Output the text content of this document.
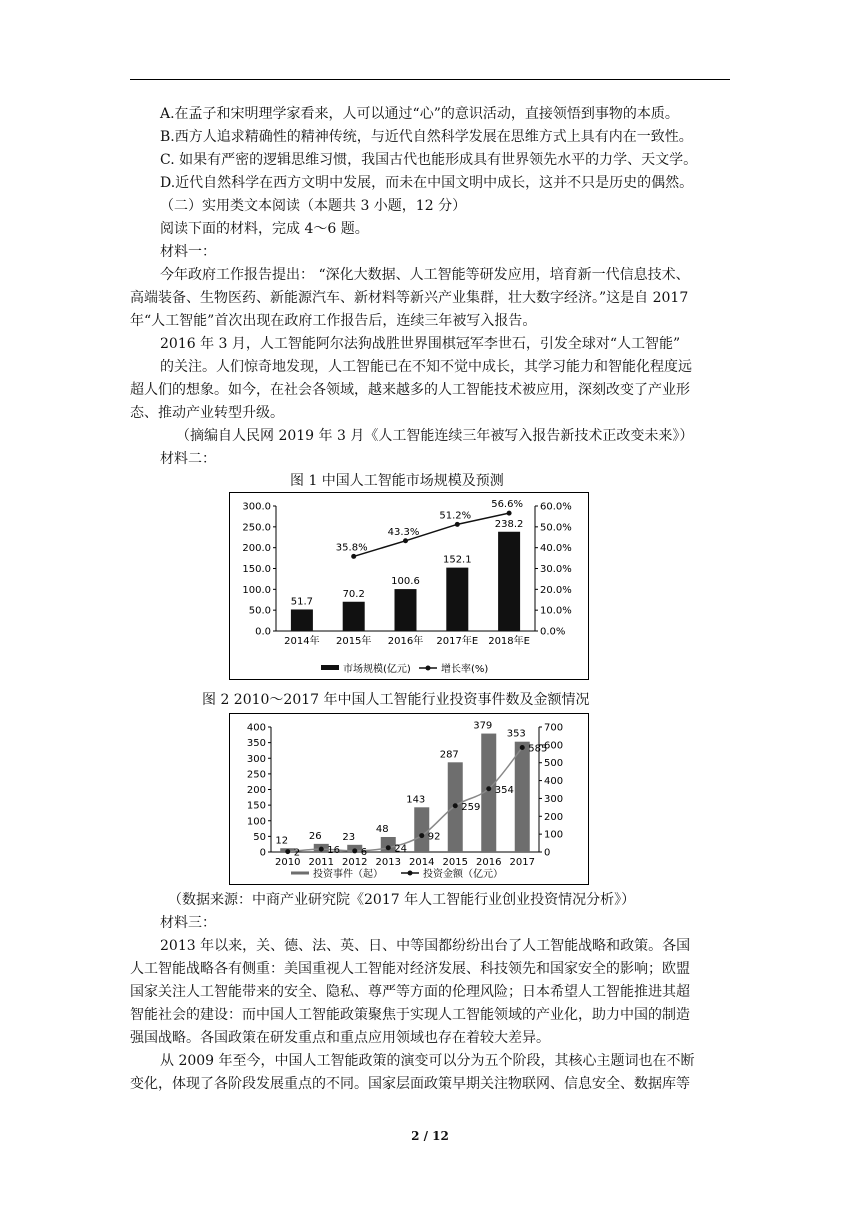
A.在孟子和宋明理学家看来，人可以通过“心”的意识活动，直接领悟到事物的本质。
B.西方人追求精确性的精神传统，与近代自然科学发展在思维方式上具有内在一致性。
C. 如果有严密的逻辑思维习惯，我国古代也能形成具有世界领先水平的力学、天文学。
D.近代自然科学在西方文明中发展，而未在中国文明中成长，这并不只是历史的偶然。
（二）实用类文本阅读（本题共 3 小题，12 分）
阅读下面的材料，完成 4～6 题。
材料一：
今年政府工作报告提出： “深化大数据、人工智能等研发应用，培育新一代信息技术、
高端装备、生物医药、新能源汽车、新材料等新兴产业集群，壮大数字经济。”这是自 2017
年“人工智能”首次出现在政府工作报告后，连续三年被写入报告。
2016 年 3 月，人工智能阿尔法狗战胜世界围棋冠军李世石，引发全球对“人工智能”
的关注。人们惊奇地发现，人工智能已在不知不觉中成长，其学习能力和智能化程度远
超人们的想象。如今，在社会各领域，越来越多的人工智能技术被应用，深刻改变了产业形
态、推动产业转型升级。
（摘编自人民网 2019 年 3 月《人工智能连续三年被写入报告新技术正改变未来》）
材料二：
图 1 中国人工智能市场规模及预测
0.0
50.0
100.0
150.0
200.0
250.0
300.0
0.0%
10.0%
20.0%
30.0%
40.0%
50.0%
60.0%
2014年 2015年 2016年 2017年E 2018年E
51.7
70.2
100.6
152.1
238.2
35.8%
43.3%
51.2%
56.6%
市场规模(亿元)	增长率(%)
图 2 2010～2017 年中国人工智能行业投资事件数及金额情况
0
50
100
150
200
250
300
350
400
0
100
200
300
400
500
600
700
2010 2011 2012 2013 2014 2015 2016 2017
12 26 23
48
143
287
379
353
2	16 6	24
92
259
354
585
投资事件（起）	投资金额（亿元）
（数据来源：中商产业研究院《2017 年人工智能行业创业投资情况分析》）
材料三：
2013 年以来，关、德、法、英、日、中等国都纷纷出台了人工智能战略和政策。各国
人工智能战略各有侧重：美国重视人工智能对经济发展、科技领先和国家安全的影响；欧盟
国家关注人工智能带来的安全、隐私、尊严等方面的伦理风险；日本希望人工智能推进其超
智能社会的建设：而中国人工智能政策聚焦于实现人工智能领域的产业化，助力中国的制造
强国战略。各国政策在研发重点和重点应用领域也存在着较大差异。
从 2009 年至今，中国人工智能政策的演变可以分为五个阶段，其核心主题词也在不断
变化，体现了各阶段发展重点的不同。国家层面政策早期关注物联网、信息安全、数据库等
2 / 12
